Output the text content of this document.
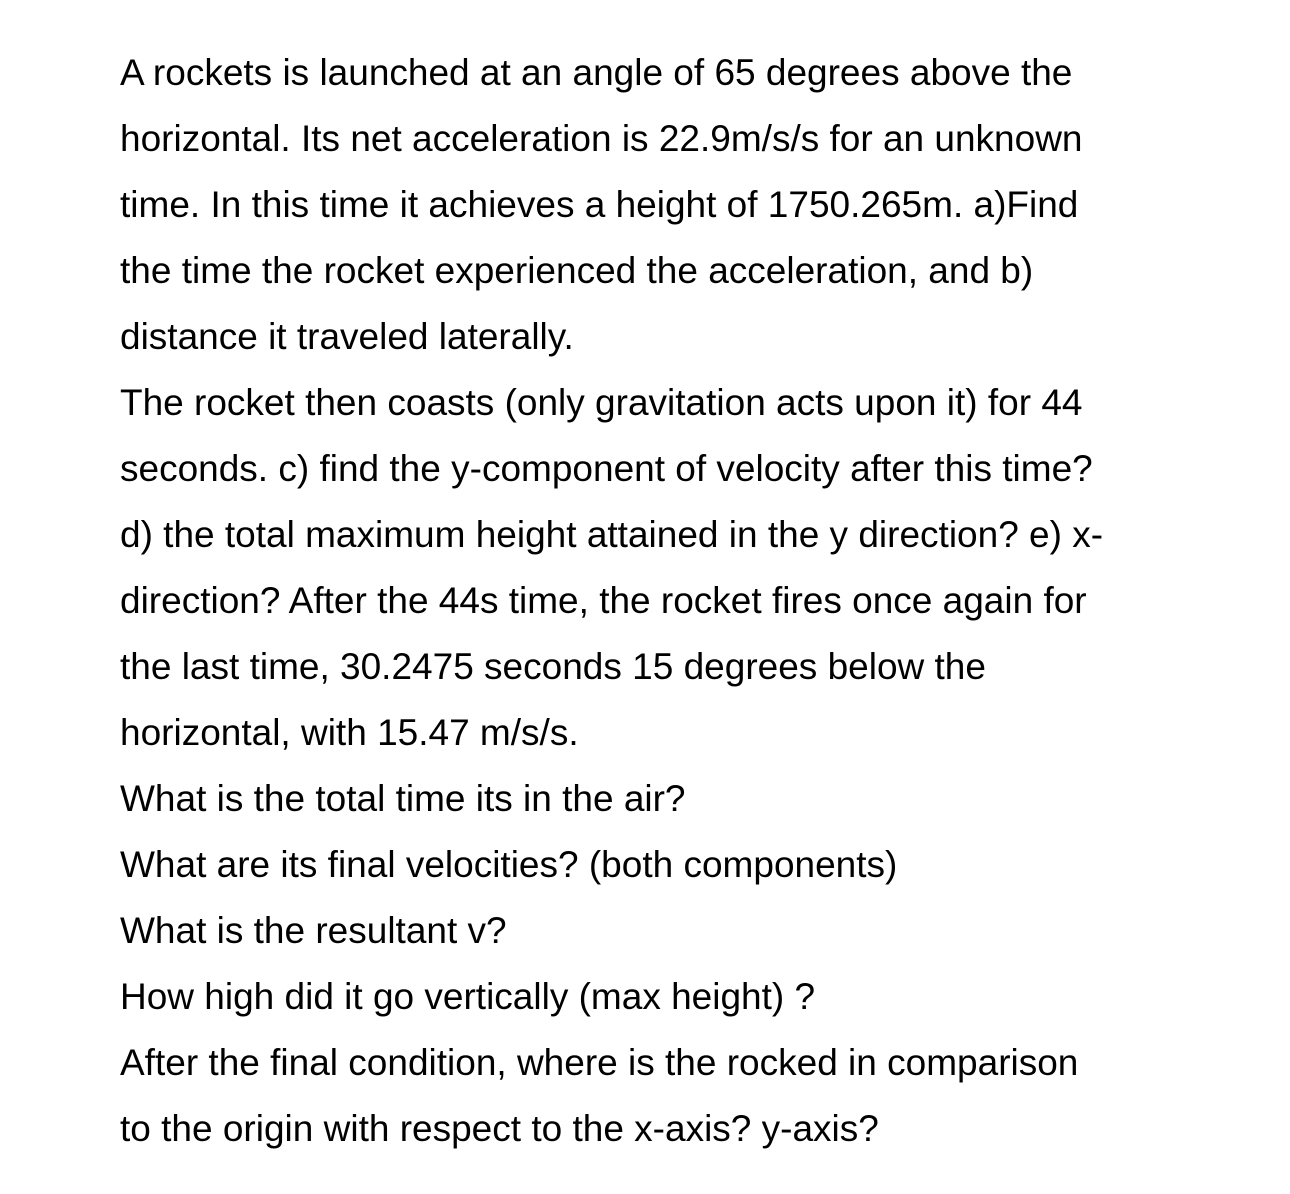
A rockets is launched at an angle of 65 degrees above the
horizontal. Its net acceleration is 22.9m/s/s for an unknown
time. In this time it achieves a height of 1750.265m. a)Find
the time the rocket experienced the acceleration, and b)
distance it traveled laterally.

The rocket then coasts (only gravitation acts upon it) for 44
seconds. c) find the y-component of velocity after this time?
d) the total maximum height attained in the y direction? e) x-
direction? After the 44s time, the rocket fires once again for
the last time, 30.2475 seconds 15 degrees below the
horizontal, with 15.47 m/s/s.

What is the total time its in the air?

What are its final velocities? (both components)

What is the resultant v?

How high did it go vertically (max height) ?

After the final condition, where is the rocked in comparison
to the origin with respect to the x-axis? y-axis?
